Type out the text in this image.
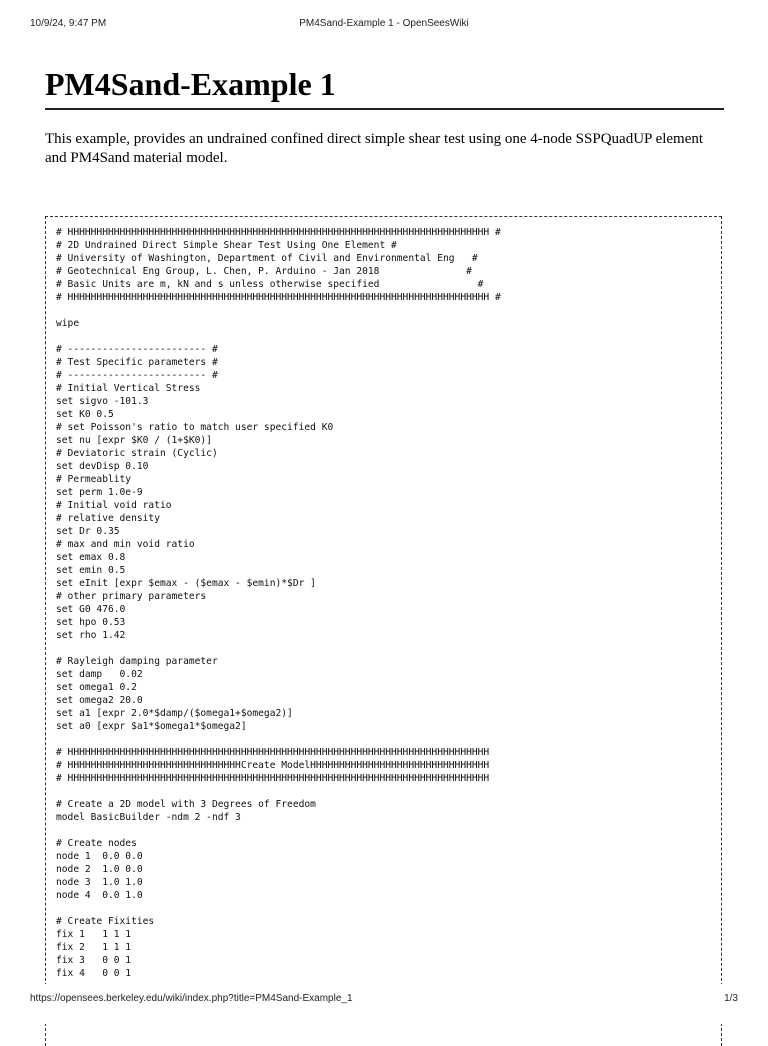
10/9/24, 9:47 PM	PM4Sand-Example 1 - OpenSeesWiki
PM4Sand-Example 1

This example, provides an undrained confined direct simple shear test using one 4-node SSPQuadUP element and PM4Sand material model.

# HHHHHHHHHHHHHHHHHHHHHHHHHHHHHHHHHHHHHHHHHHHHHHHHHHHHHHHHHHHHHHHHHHHHHHHHH #
# 2D Undrained Direct Simple Shear Test Using One Element #
# University of Washington, Department of Civil and Environmental Eng   #
# Geotechnical Eng Group, L. Chen, P. Arduino - Jan 2018               #
# Basic Units are m, kN and s unless otherwise specified                 #
# HHHHHHHHHHHHHHHHHHHHHHHHHHHHHHHHHHHHHHHHHHHHHHHHHHHHHHHHHHHHHHHHHHHHHHHHH #

wipe

# ------------------------ #
# Test Specific parameters #
# ------------------------ #
# Initial Vertical Stress
set sigvo -101.3
set K0 0.5
# set Poisson's ratio to match user specified K0
set nu [expr $K0 / (1+$K0)]
# Deviatoric strain (Cyclic)
set devDisp 0.10
# Permeablity
set perm 1.0e-9
# Initial void ratio
# relative density
set Dr 0.35
# max and min void ratio
set emax 0.8
set emin 0.5
set eInit [expr $emax - ($emax - $emin)*$Dr ]
# other primary parameters
set G0 476.0
set hpo 0.53
set rho 1.42

# Rayleigh damping parameter
set damp   0.02
set omega1 0.2
set omega2 20.0
set a1 [expr 2.0*$damp/($omega1+$omega2)]
set a0 [expr $a1*$omega1*$omega2]

# HHHHHHHHHHHHHHHHHHHHHHHHHHHHHHHHHHHHHHHHHHHHHHHHHHHHHHHHHHHHHHHHHHHHHHHHH
# HHHHHHHHHHHHHHHHHHHHHHHHHHHHHHCreate ModelHHHHHHHHHHHHHHHHHHHHHHHHHHHHHHH
# HHHHHHHHHHHHHHHHHHHHHHHHHHHHHHHHHHHHHHHHHHHHHHHHHHHHHHHHHHHHHHHHHHHHHHHHH

# Create a 2D model with 3 Degrees of Freedom
model BasicBuilder -ndm 2 -ndf 3

# Create nodes
node 1  0.0 0.0
node 2  1.0 0.0
node 3  1.0 1.0
node 4  0.0 1.0

# Create Fixities
fix 1   1 1 1
fix 2   1 1 1
fix 3   0 0 1
fix 4   0 0 1

https://opensees.berkeley.edu/wiki/index.php?title=PM4Sand-Example_1	1/3
